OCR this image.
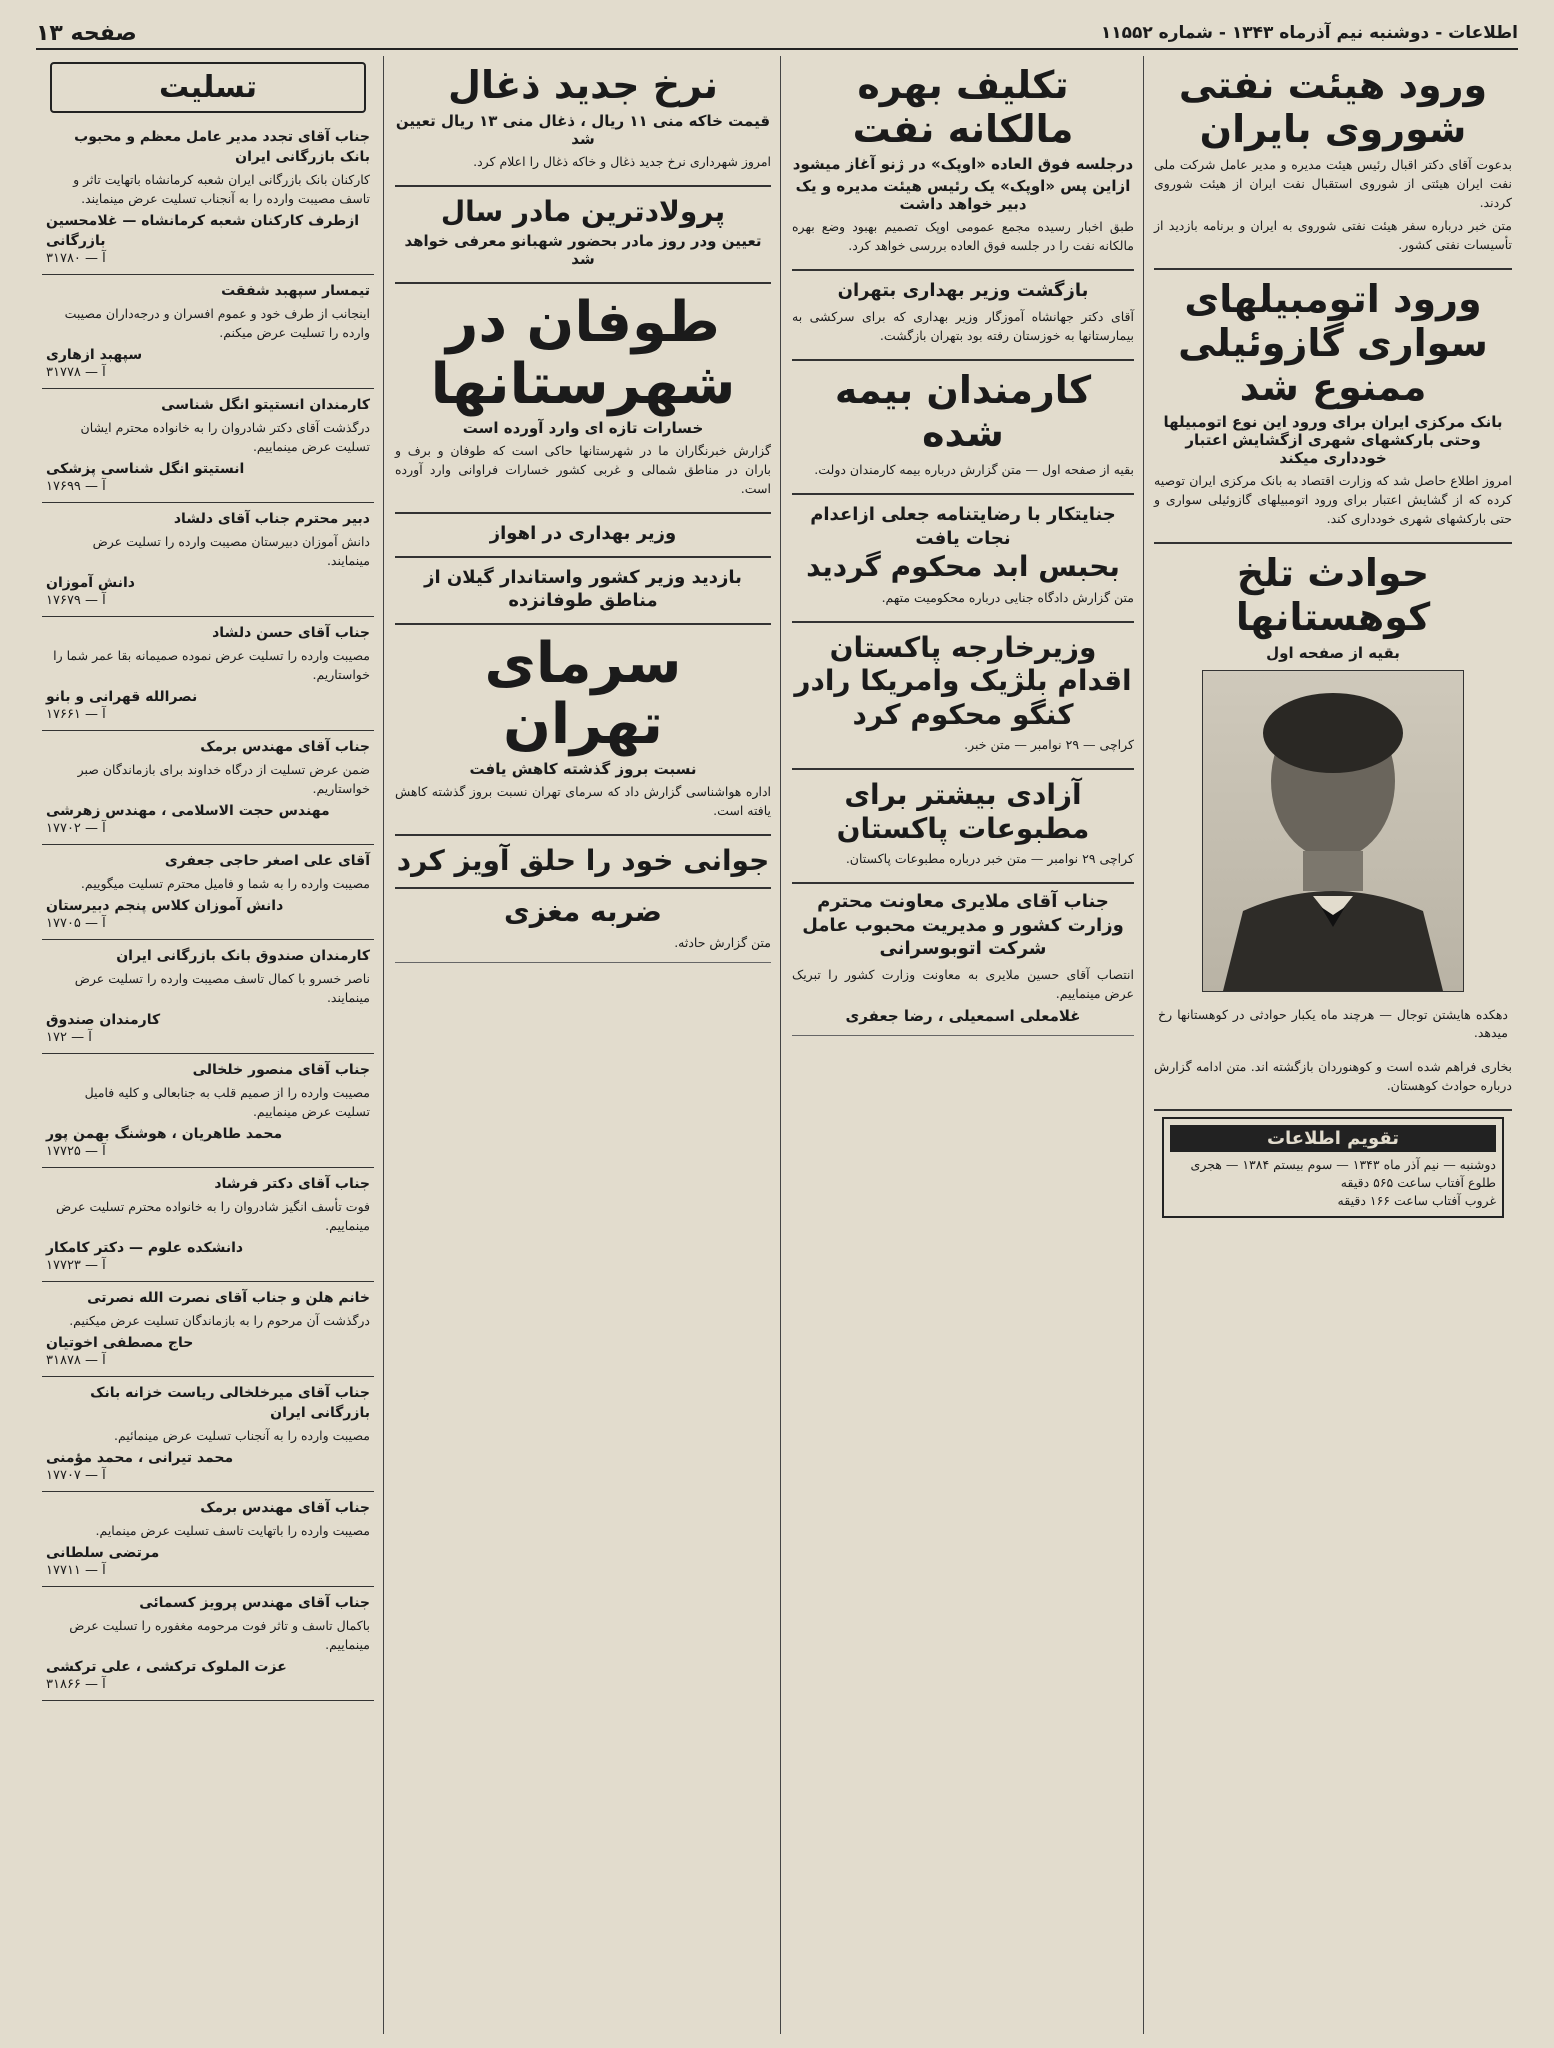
اطلاعات - دوشنبه نیم آذرماه ۱۳۴۳ - شماره ۱۱۵۵۲
صفحه ۱۳
ورود هیئت نفتی شوروی بایران

بدعوت آقای دکتر اقبال رئیس هیئت مدیره و مدیر عامل شرکت ملی نفت ایران هیئتی از شوروی استقبال نفت ایران از هیئت شوروی کردند.

متن خبر درباره سفر هیئت نفتی شوروی به ایران و برنامه بازدید از تأسیسات نفتی کشور.

ورود اتومبیلهای سواری گازوئیلی ممنوع شد
بانک مرکزی ایران برای ورود این نوع اتومبیلها وحتی بارکشهای شهری ازگشایش اعتبار خودداری میکند

امروز اطلاع حاصل شد که وزارت اقتصاد به بانک مرکزی ایران توصیه کرده که از گشایش اعتبار برای ورود اتومبیلهای گازوئیلی سواری و حتی بارکشهای شهری خودداری کند.

حوادث تلخ کوهستانها
بقیه از صفحه اول

دهکده هایشتن توجال — هرچند ماه یکبار حوادثی در کوهستانها رخ میدهد.

بخاری فراهم شده است و کوهنوردان بازگشته اند. متن ادامه گزارش درباره حوادث کوهستان.

تقویم اطلاعات
دوشنبه — نیم آذر ماه ۱۳۴۳ — سوم بیستم ۱۳۸۴ — هجری
طلوع آفتاب ساعت ۵۶۵ دقیقه
غروب آفتاب ساعت ۱۶۶ دقیقه
تکلیف بهره مالکانه نفت
درجلسه فوق العاده «اوپک» در ژنو آغاز میشود
ازاین پس «اوپک» یک رئیس هیئت مدیره و یک دبیر خواهد داشت

طبق اخبار رسیده مجمع عمومی اوپک تصمیم بهبود وضع بهره مالکانه نفت را در جلسه فوق العاده بررسی خواهد کرد.

بازگشت وزیر بهداری بتهران

آقای دکتر جهانشاه آموزگار وزیر بهداری که برای سرکشی به بیمارستانها به خوزستان رفته بود بتهران بازگشت.

کارمندان بیمه شده

بقیه از صفحه اول — متن گزارش درباره بیمه کارمندان دولت.

جنایتکار با رضایتنامه جعلی ازاعدام نجات یافت
بحبس ابد محکوم گردید

متن گزارش دادگاه جنایی درباره محکومیت متهم.

وزیرخارجه پاکستان اقدام بلژیک وامریکا رادر کنگو محکوم کرد

کراچی — ۲۹ نوامبر — متن خبر.

آزادی بیشتر برای مطبوعات پاکستان

کراچی ۲۹ نوامبر — متن خبر درباره مطبوعات پاکستان.

جناب آقای ملایری معاونت محترم وزارت کشور و مدیریت محبوب عامل شرکت اتوبوسرانی

انتصاب آقای حسین ملایری به معاونت وزارت کشور را تبریک عرض مینماییم.

غلامعلی اسمعیلی ، رضا جعفری
نرخ جدید ذغال
قیمت خاکه منی ۱۱ ریال ، ذغال منی ۱۳ ریال تعیین شد

امروز شهرداری نرخ جدید ذغال و خاکه ذغال را اعلام کرد.

پرولادترین مادر سال
تعیین ودر روز مادر بحضور شهبانو معرفی خواهد شد
طوفان در شهرستانها
خسارات تازه ای وارد آورده است

گزارش خبرنگاران ما در شهرستانها حاکی است که طوفان و برف و باران در مناطق شمالی و غربی کشور خسارات فراوانی وارد آورده است.

وزیر بهداری در اهواز
بازدید وزیر کشور واستاندار گیلان از مناطق طوفانزده
سرمای تهران
نسبت بروز گذشته کاهش یافت

اداره هواشناسی گزارش داد که سرمای تهران نسبت بروز گذشته کاهش یافته است.

جوانی خود را حلق آویز کرد
ضربه مغزی

متن گزارش حادثه.

تسلیت
جناب آقای تجدد مدیر عامل معظم و محبوب بانک بازرگانی ایران
کارکنان بانک بازرگانی ایران شعبه کرمانشاه باتهایت تاثر و تاسف مصیبت وارده را به آنجناب تسلیت عرض مینمایند.
ازطرف کارکنان شعبه کرمانشاه — غلامحسین بازرگانی
آ — ۳۱۷۸۰
تیمسار سپهبد شفقت
اینجانب از طرف خود و عموم افسران و درجه‌داران مصیبت وارده را تسلیت عرض میکنم.
سپهبد ازهاری
آ — ۳۱۷۷۸
کارمندان انستیتو انگل شناسی
درگذشت آقای دکتر شادروان را به خانواده محترم ایشان تسلیت عرض مینماییم.
انستیتو انگل شناسی پزشکی
آ — ۱۷۶۹۹
دبیر محترم جناب آقای دلشاد
دانش آموزان دبیرستان مصیبت وارده را تسلیت عرض مینمایند.
دانش آموزان
آ — ۱۷۶۷۹
جناب آقای حسن دلشاد
مصیبت وارده را تسلیت عرض نموده صمیمانه بقا عمر شما را خواستاریم.
نصرالله قهرانی و بانو
آ — ۱۷۶۶۱
جناب آقای مهندس برمک
ضمن عرض تسلیت از درگاه خداوند برای بازماندگان صبر خواستاریم.
مهندس حجت الاسلامی ، مهندس زهرشی
آ — ۱۷۷۰۲
آقای علی اصغر حاجی جعفری
مصیبت وارده را به شما و فامیل محترم تسلیت میگوییم.
دانش آموزان کلاس پنجم دبیرستان
آ — ۱۷۷۰۵
کارمندان صندوق بانک بازرگانی ایران
ناصر خسرو با کمال تاسف مصیبت وارده را تسلیت عرض مینمایند.
کارمندان صندوق
آ — ۱۷۲
جناب آقای منصور خلخالی
مصیبت وارده را از صمیم قلب به جنابعالی و کلیه فامیل تسلیت عرض مینماییم.
محمد طاهریان ، هوشنگ بهمن پور
آ — ۱۷۷۲۵
جناب آقای دکتر فرشاد
فوت تأسف انگیز شادروان را به خانواده محترم تسلیت عرض مینماییم.
دانشکده علوم — دکتر کامکار
آ — ۱۷۷۲۳
خانم هلن و جناب آقای نصرت الله نصرتی
درگذشت آن مرحوم را به بازماندگان تسلیت عرض میکنیم.
حاج مصطفی اخوتیان
آ — ۳۱۸۷۸
جناب آقای میرخلخالی ریاست خزانه بانک بازرگانی ایران
مصیبت وارده را به آنجناب تسلیت عرض مینمائیم.
محمد تیرانی ، محمد مؤمنی
آ — ۱۷۷۰۷
جناب آقای مهندس برمک
مصیبت وارده را باتهایت تاسف تسلیت عرض مینمایم.
مرتضی سلطانی
آ — ۱۷۷۱۱
جناب آقای مهندس پرویز کسمائی
باکمال تاسف و تاثر فوت مرحومه مغفوره را تسلیت عرض مینماییم.
عزت الملوک ترکشی ، علی ترکشی
آ — ۳۱۸۶۶
